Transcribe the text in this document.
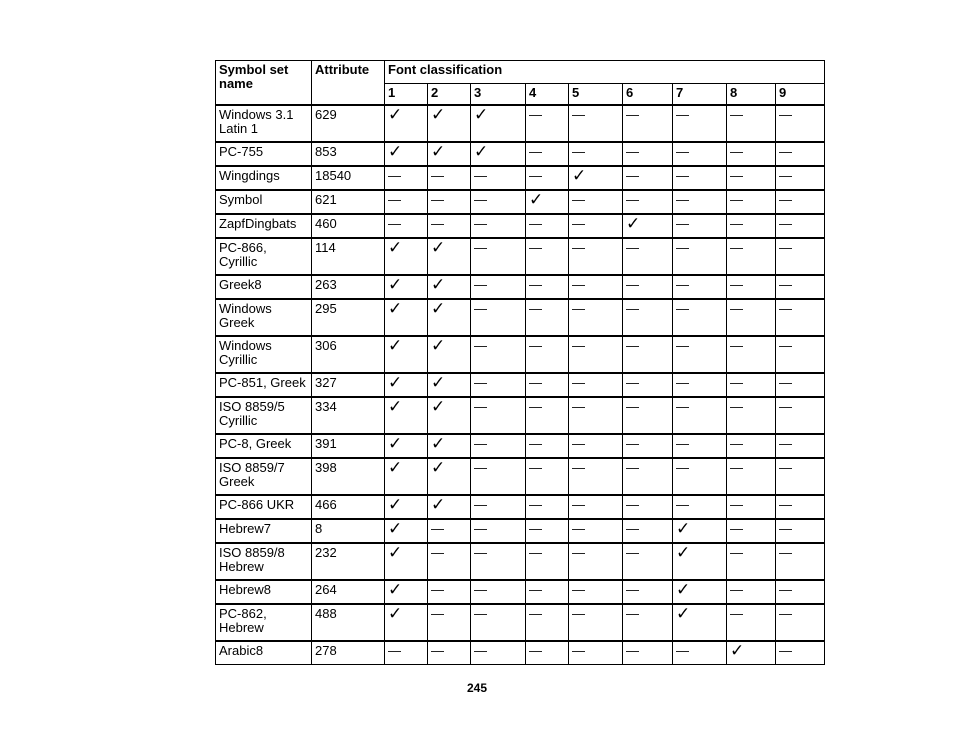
Symbol set name	Attribute	Font classification								
		1	2	3	4	5	6	7	8	9
Windows 3.1 Latin 1	629	✓	✓	✓	—	—	—	—	—	—
PC-755	853	✓	✓	✓	—	—	—	—	—	—
Wingdings	18540	—	—	—	—	✓	—	—	—	—
Symbol	621	—	—	—	✓	—	—	—	—	—
ZapfDingbats	460	—	—	—	—	—	✓	—	—	—
PC-866, Cyrillic	114	✓	✓	—	—	—	—	—	—	—
Greek8	263	✓	✓	—	—	—	—	—	—	—
Windows Greek	295	✓	✓	—	—	—	—	—	—	—
Windows Cyrillic	306	✓	✓	—	—	—	—	—	—	—
PC-851, Greek	327	✓	✓	—	—	—	—	—	—	—
ISO 8859/5 Cyrillic	334	✓	✓	—	—	—	—	—	—	—
PC-8, Greek	391	✓	✓	—	—	—	—	—	—	—
ISO 8859/7 Greek	398	✓	✓	—	—	—	—	—	—	—
PC-866 UKR	466	✓	✓	—	—	—	—	—	—	—
Hebrew7	8	✓	—	—	—	—	—	✓	—	—
ISO 8859/8 Hebrew	232	✓	—	—	—	—	—	✓	—	—
Hebrew8	264	✓	—	—	—	—	—	✓	—	—
PC-862, Hebrew	488	✓	—	—	—	—	—	✓	—	—
Arabic8	278	—	—	—	—	—	—	—	✓	—
245
